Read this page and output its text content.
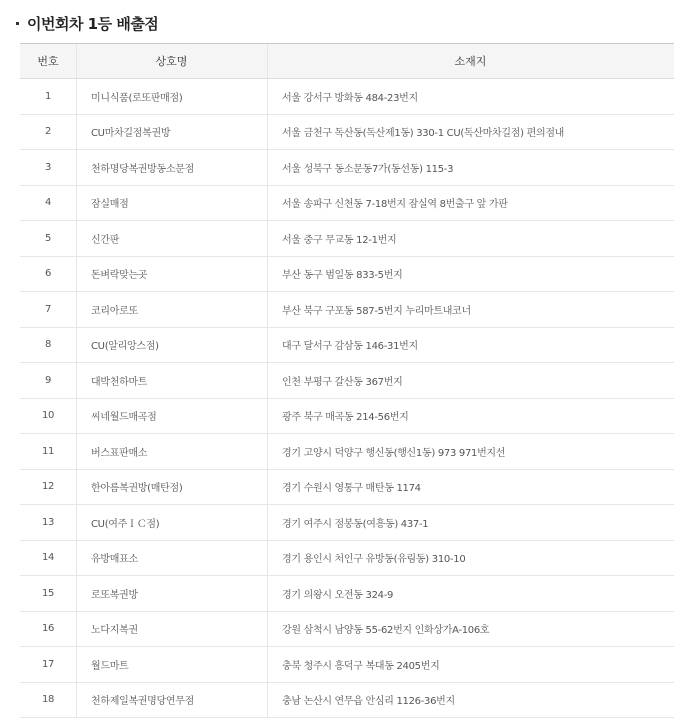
이번회차 1등 배출점
번호	상호명	소재지
1	미니식품(로또판매점)	서울 강서구 방화동 484-23번지
2	CU마차길점복권방	서울 금천구 독산동(독산제1동) 330-1 CU(독산마차길점) 편의점내
3	천하명당복권방동소문점	서울 성북구 동소문동7가(동선동) 115-3
4	잠실매점	서울 송파구 신천동 7-18번지 잠실역 8번출구 앞 가판
5	신간판	서울 중구 무교동 12-1번지
6	돈벼락맞는곳	부산 동구 범일동 833-5번지
7	코리아로또	부산 북구 구포동 587-5번지 누리마트내코너
8	CU(알리앙스점)	대구 달서구 감삼동 146-31번지
9	대박천하마트	인천 부평구 갈산동 367번지
10	씨네월드매곡점	광주 북구 매곡동 214-56번지
11	버스표판매소	경기 고양시 덕양구 행신동(행신1동) 973 971번지선
12	한아름복권방(매탄점)	경기 수원시 영통구 매탄동 1174
13	CU(여주ＩＣ점)	경기 여주시 점봉동(여흥동) 437-1
14	유방매표소	경기 용인시 처인구 유방동(유림동) 310-10
15	로또복권방	경기 의왕시 오전동 324-9
16	노다지복권	강원 삼척시 남양동 55-62번지 인화상가A-106호
17	월드마트	충북 청주시 흥덕구 복대동 2405번지
18	천하제일복권명당연무점	충남 논산시 연무읍 안심리 1126-36번지
